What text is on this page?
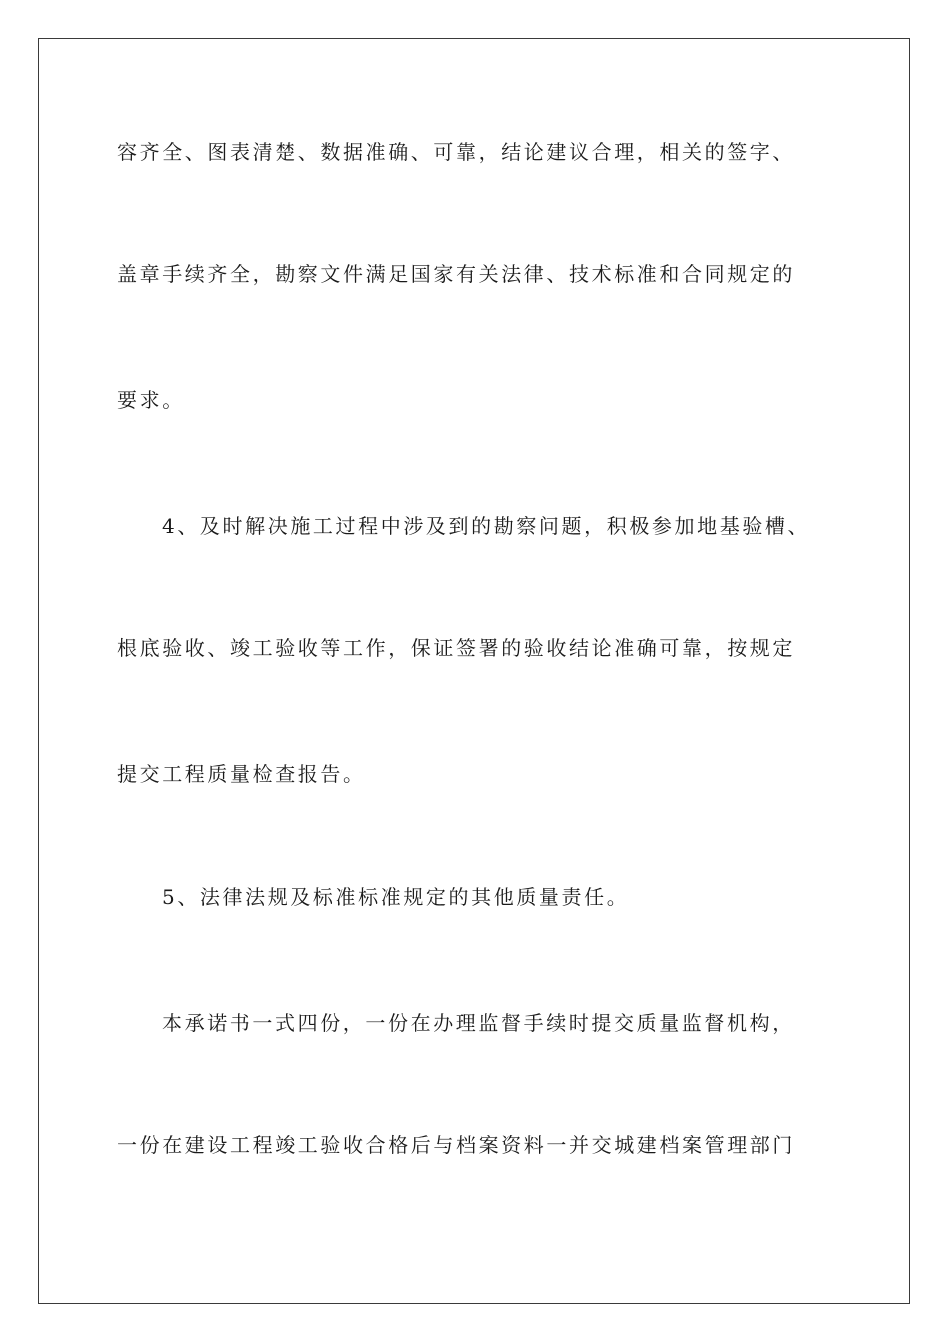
容齐全、图表清楚、数据准确、可靠，结论建议合理，相关的签字、
盖章手续齐全，勘察文件满足国家有关法律、技术标准和合同规定的
要求。
4、及时解决施工过程中涉及到的勘察问题，积极参加地基验槽、
根底验收、竣工验收等工作，保证签署的验收结论准确可靠，按规定
提交工程质量检查报告。
5、法律法规及标准标准规定的其他质量责任。
本承诺书一式四份，一份在办理监督手续时提交质量监督机构，
一份在建设工程竣工验收合格后与档案资料一并交城建档案管理部门
